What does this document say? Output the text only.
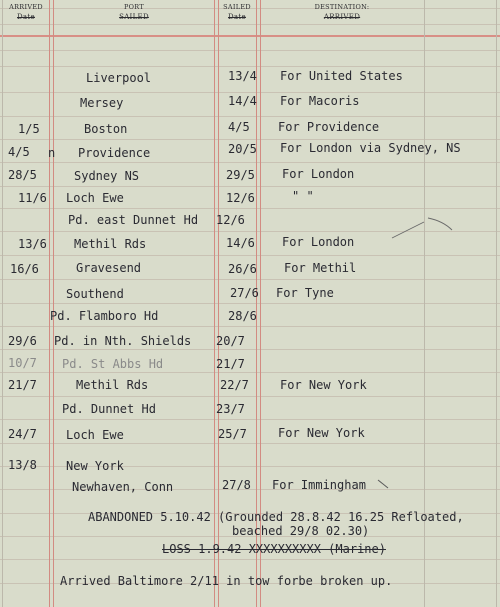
ARRIVED
Date
PORT
SAILED
SAILED
Date
DESTINATION:
ARRIVED
Liverpool	13/4 For United States
Mersey	14/4 For Macoris
1/5	Boston	4/5 For Providence
4/5 n Providence	20/5 For London via Sydney, NS
28/5	Sydney NS	29/5 For London
11/6 Loch Ewe	12/6	" "
Pd. east Dunnet Hd 12/6
13/6 Methil Rds	14/6 For London
16/6	Gravesend	26/6 For Methil
Southend	27/6 For Tyne
Pd. Flamboro Hd	28/6
29/6 Pd. in Nth. Shields 20/7
10/7 Pd. St Abbs Hd	21/7
21/7	Methil Rds	22/7	For New York
Pd. Dunnet Hd	23/7
24/7 Loch Ewe	25/7	For New York
13/8 New York
Newhaven, Conn	27/8 For Immingham
ABANDONED 5.10.42 (Grounded 28.8.42 16.25 Refloated,
beached 29/8 02.30)
LOSS 1.9.42 XXXXXXXXXX (Marine)
Arrived Baltimore 2/11 in tow forbe broken up.
